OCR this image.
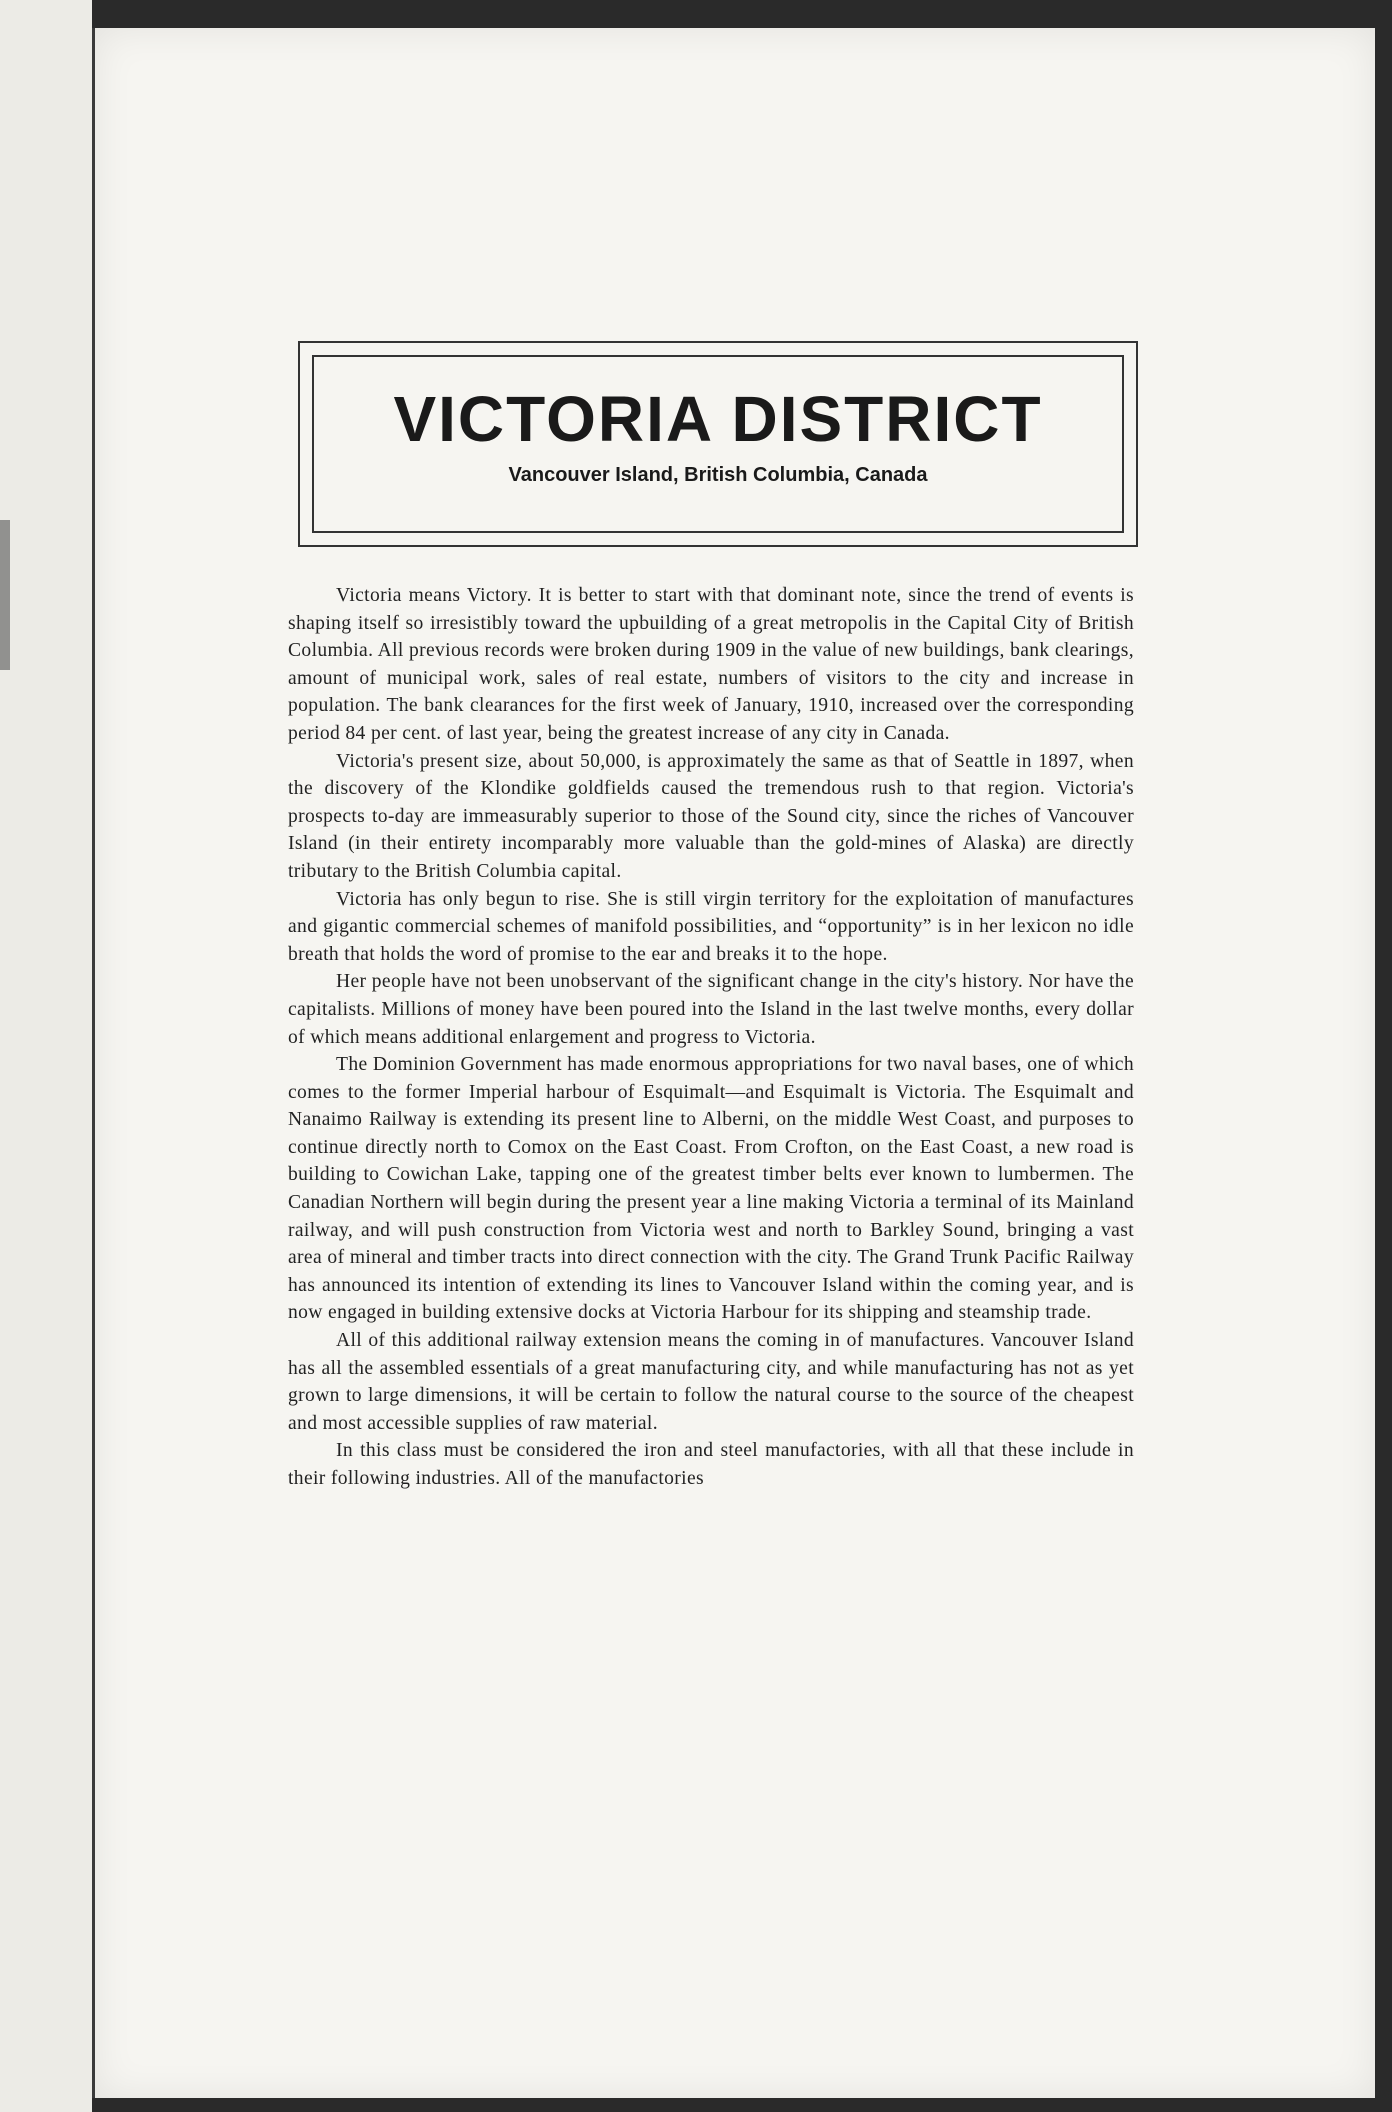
VICTORIA DISTRICT
Vancouver Island, British Columbia, Canada

Victoria means Victory. It is better to start with that dominant note, since the trend of events is shaping itself so irresistibly toward the upbuilding of a great metropolis in the Capital City of British Columbia. All previous records were broken during 1909 in the value of new buildings, bank clearings, amount of municipal work, sales of real estate, numbers of visitors to the city and increase in population. The bank clearances for the first week of January, 1910, increased over the corresponding period 84 per cent. of last year, being the greatest increase of any city in Canada.

Victoria's present size, about 50,000, is approximately the same as that of Seattle in 1897, when the discovery of the Klondike goldfields caused the tremendous rush to that region. Victoria's prospects to-day are immeasurably superior to those of the Sound city, since the riches of Vancouver Island (in their entirety incomparably more valuable than the gold-mines of Alaska) are directly tributary to the British Columbia capital.

Victoria has only begun to rise. She is still virgin territory for the exploitation of manufactures and gigantic commercial schemes of manifold possibilities, and “opportunity” is in her lexicon no idle breath that holds the word of promise to the ear and breaks it to the hope.

Her people have not been unobservant of the significant change in the city's history. Nor have the capitalists. Millions of money have been poured into the Island in the last twelve months, every dollar of which means additional enlargement and progress to Victoria.

The Dominion Government has made enormous appropriations for two naval bases, one of which comes to the former Imperial harbour of Esquimalt—and Esquimalt is Victoria. The Esquimalt and Nanaimo Railway is extending its present line to Alberni, on the middle West Coast, and purposes to continue directly north to Comox on the East Coast. From Crofton, on the East Coast, a new road is building to Cowichan Lake, tapping one of the greatest timber belts ever known to lumbermen. The Canadian Northern will begin during the present year a line making Victoria a terminal of its Mainland railway, and will push construction from Victoria west and north to Barkley Sound, bringing a vast area of mineral and timber tracts into direct connection with the city. The Grand Trunk Pacific Railway has announced its intention of extending its lines to Vancouver Island within the coming year, and is now engaged in building extensive docks at Victoria Harbour for its shipping and steamship trade.

All of this additional railway extension means the coming in of manufactures. Vancouver Island has all the assembled essentials of a great manufacturing city, and while manufacturing has not as yet grown to large dimensions, it will be certain to follow the natural course to the source of the cheapest and most accessible supplies of raw material.

In this class must be considered the iron and steel manufactories, with all that these include in their following industries. All of the manufactories
